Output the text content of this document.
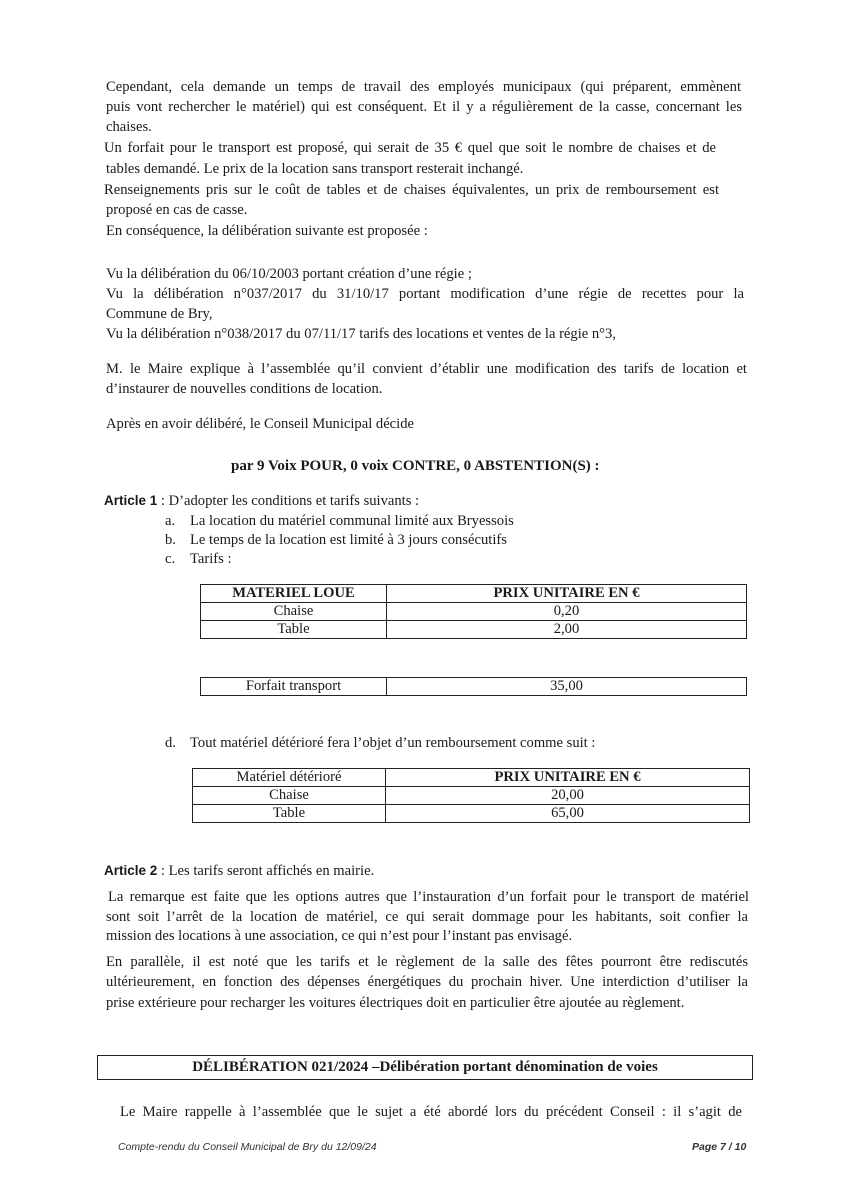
Cependant, cela demande un temps de travail des employés municipaux (qui préparent, emmènent
puis vont rechercher le matériel) qui est conséquent. Et il y a régulièrement de la casse, concernant les
chaises.
Un forfait pour le transport est proposé, qui serait de 35 € quel que soit le nombre de chaises et de
tables demandé. Le prix de la location sans transport resterait inchangé.
Renseignements pris sur le coût de tables et de chaises équivalentes, un prix de remboursement est
proposé en cas de casse.
En conséquence, la délibération suivante est proposée :
Vu la délibération du 06/10/2003 portant création d’une régie ;
Vu la délibération n°037/2017 du 31/10/17 portant modification d’une régie de recettes pour la
Commune de Bry,
Vu la délibération n°038/2017 du 07/11/17 tarifs des locations et ventes de la régie n°3,
M. le Maire explique à l’assemblée qu’il convient d’établir une modification des tarifs de location et
d’instaurer de nouvelles conditions de location.
Après en avoir délibéré, le Conseil Municipal décide
par 9 Voix POUR, 0 voix CONTRE, 0 ABSTENTION(S) :
Article 1 : D’adopter les conditions et tarifs suivants :
a. La location du matériel communal limité aux Bryessois
b. Le temps de la location est limité à 3 jours consécutifs
c. Tarifs :
MATERIEL LOUE	PRIX UNITAIRE EN €
Chaise	0,20
Table	2,00
Forfait transport	35,00
d. Tout matériel détérioré fera l’objet d’un remboursement comme suit :
Matériel détérioré	PRIX UNITAIRE EN €
Chaise	20,00
Table	65,00
Article 2 : Les tarifs seront affichés en mairie.
La remarque est faite que les options autres que l’instauration d’un forfait pour le transport de matériel
sont soit l’arrêt de la location de matériel, ce qui serait dommage pour les habitants, soit confier la
mission des locations à une association, ce qui n’est pour l’instant pas envisagé.
En parallèle, il est noté que les tarifs et le règlement de la salle des fêtes pourront être rediscutés
ultérieurement, en fonction des dépenses énergétiques du prochain hiver. Une interdiction d’utiliser la
prise extérieure pour recharger les voitures électriques doit en particulier être ajoutée au règlement.
DÉLIBÉRATION 021/2024 –Délibération portant dénomination de voies
Le Maire rappelle à l’assemblée que le sujet a été abordé lors du précédent Conseil : il s’agit de
Compte-rendu du Conseil Municipal de Bry du 12/09/24	Page 7 / 10
